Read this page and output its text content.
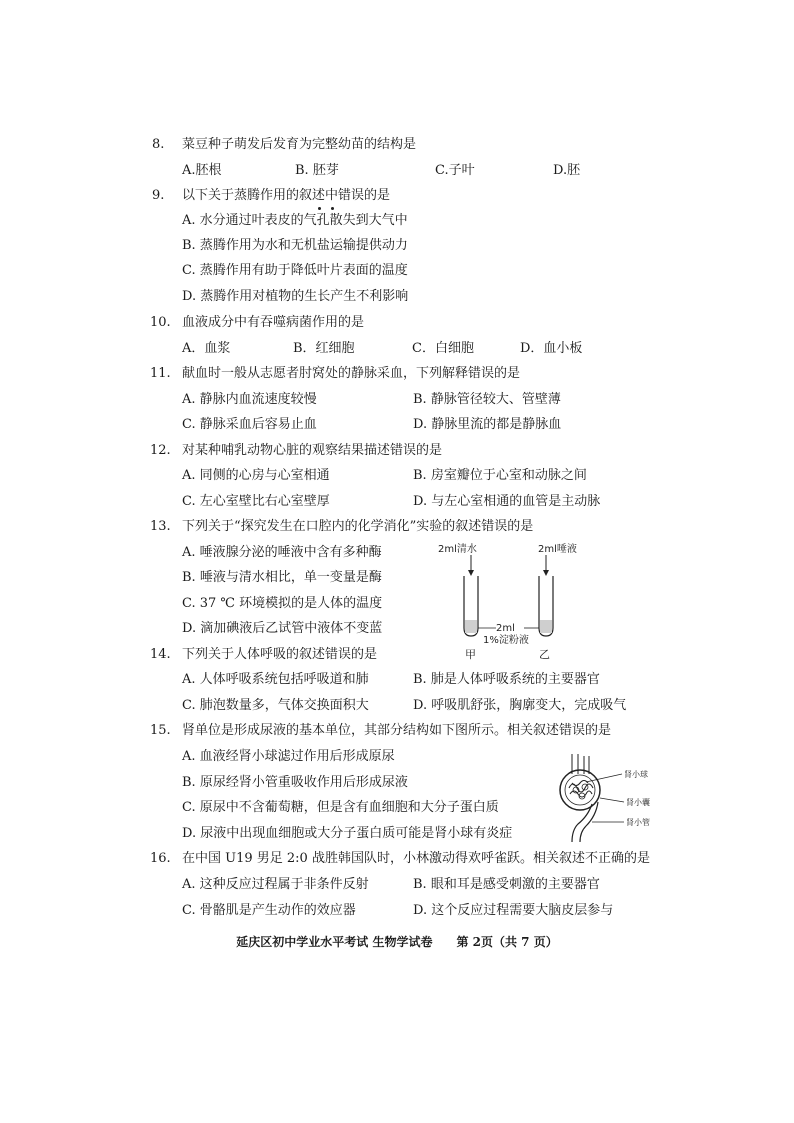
8. 菜豆种子萌发后发育为完整幼苗的结构是
A.胚根	B. 胚芽	C.子叶	D.胚
9. 以下关于蒸腾作用的叙述中错误的是
A. 水分通过叶表皮的气孔散失到大气中
B. 蒸腾作用为水和无机盐运输提供动力
C. 蒸腾作用有助于降低叶片表面的温度
D. 蒸腾作用对植物的生长产生不利影响
10. 血液成分中有吞噬病菌作用的是
A．血浆	B．红细胞	C．白细胞	D．血小板
11. 献血时一般从志愿者肘窝处的静脉采血，下列解释错误的是
A. 静脉内血流速度较慢	B. 静脉管径较大、管壁薄
C. 静脉采血后容易止血	D. 静脉里流的都是静脉血
12. 对某种哺乳动物心脏的观察结果描述错误的是
A. 同侧的心房与心室相通	B. 房室瓣位于心室和动脉之间
C. 左心室壁比右心室壁厚	D. 与左心室相通的血管是主动脉
13. 下列关于“探究发生在口腔内的化学消化”实验的叙述错误的是
A. 唾液腺分泌的唾液中含有多种酶
B. 唾液与清水相比，单一变量是酶
C. 37 ℃ 环境模拟的是人体的温度
D. 滴加碘液后乙试管中液体不变蓝
2ml清水	2ml唾液
2ml
1%淀粉液
甲	乙
14. 下列关于人体呼吸的叙述错误的是
A. 人体呼吸系统包括呼吸道和肺	B. 肺是人体呼吸系统的主要器官
C. 肺泡数量多，气体交换面积大	D. 呼吸肌舒张，胸廓变大，完成吸气
15. 肾单位是形成尿液的基本单位，其部分结构如下图所示。相关叙述错误的是
A. 血液经肾小球滤过作用后形成原尿
B. 原尿经肾小管重吸收作用后形成尿液
C. 原尿中不含葡萄糖，但是含有血细胞和大分子蛋白质
D. 尿液中出现血细胞或大分子蛋白质可能是肾小球有炎症
肾小球
肾小囊
肾小管
16. 在中国 U19 男足 2:0 战胜韩国队时，小林激动得欢呼雀跃。相关叙述不正确的是
A. 这种反应过程属于非条件反射	B. 眼和耳是感受刺激的主要器官
C. 骨骼肌是产生动作的效应器	D. 这个反应过程需要大脑皮层参与
延庆区初中学业水平考试 生物学试卷　　第 2页（共 7 页）
